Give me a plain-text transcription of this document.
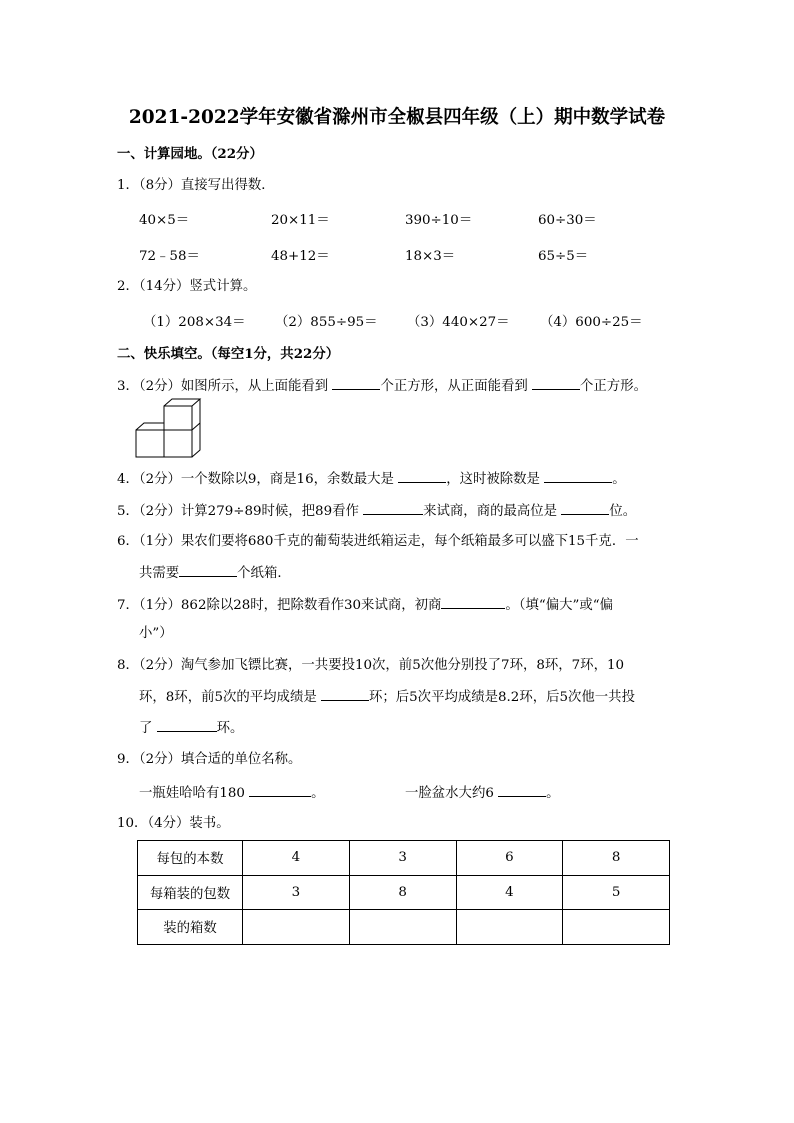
2021-2022学年安徽省滁州市全椒县四年级（上）期中数学试卷
一、计算园地。（22分）
1．（8分）直接写出得数．
40×5＝	20×11＝	390÷10＝	60÷30＝
72﹣58＝	48+12＝	18×3＝	65÷5＝
2．（14分）竖式计算。
（1）208×34＝ （2）855÷95＝ （3）440×27＝ （4）600÷25＝
二、快乐填空。（每空1分，共22分）
3．（2分）如图所示，从上面能看到	个正方形，从正面能看到	个正方形。
4．（2分）一个数除以9，商是16，余数最大是	，这时被除数是	。
5．（2分）计算279÷89时候，把89看作	来试商，商的最高位是	位。
6．（1分）果农们要将680千克的葡萄装进纸箱运走，每个纸箱最多可以盛下15千克．一
共需要	个纸箱．
7．（1分）862除以28时，把除数看作30来试商，初商	。（填“偏大”或“偏
小”）
8．（2分）淘气参加飞镖比赛，一共要投10次，前5次他分别投了7环，8环，7环，10
环，8环，前5次的平均成绩是	环；后5次平均成绩是8.2环，后5次他一共投
了	环。
9．（2分）填合适的单位名称。
一瓶娃哈哈有180	。	一脸盆水大约6	。
10．（4分）装书。
每包的本数	4	3	6	8
每箱装的包数	3	8	4	5
装的箱数				
